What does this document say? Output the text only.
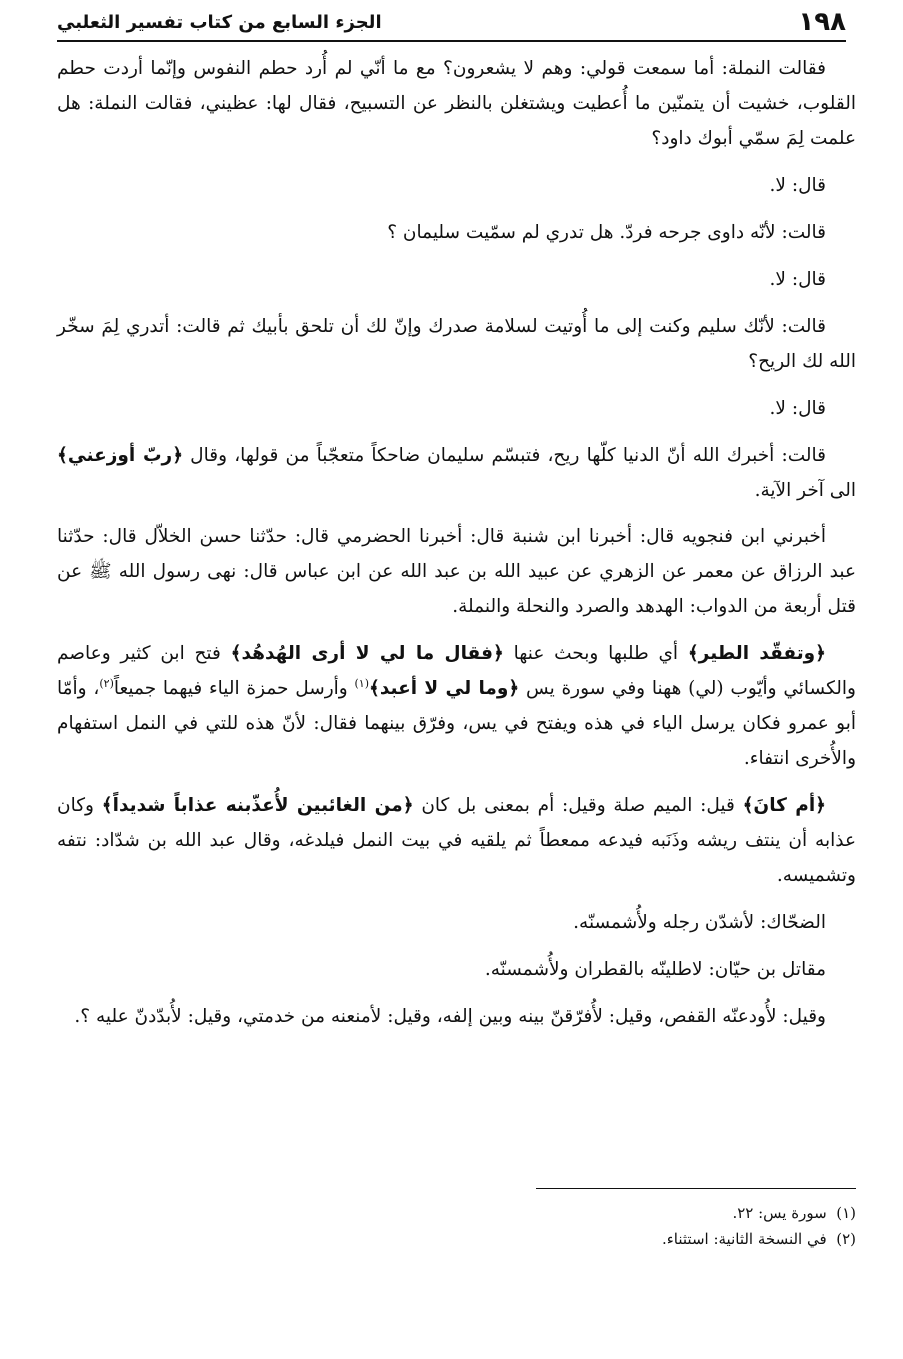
١٩٨
الجزء السابع من كتاب تفسير الثعلبي

فقالت النملة: أما سمعت قولي: وهم لا يشعرون؟ مع ما أنّي لم أُرد حطم النفوس وإنّما أردت حطم القلوب، خشيت أن يتمنّين ما أُعطيت ويشتغلن بالنظر عن التسبيح، فقال لها: عظيني، فقالت النملة: هل علمت لِمَ سمّي أبوك داود؟

قال: لا.

قالت: لأنّه داوى جرحه فردّ. هل تدري لم سمّيت سليمان ؟

قال: لا.

قالت: لأنّك سليم وكنت إلى ما أُوتيت لسلامة صدرك وإنّ لك أن تلحق بأبيك ثم قالت: أتدري لِمَ سخّر الله لك الريح؟

قال: لا.

قالت: أخبرك الله أنّ الدنيا كلّها ريح، فتبسّم سليمان ضاحكاً متعجّباً من قولها، وقال ﴿ربّ أوزعني﴾ الى آخر الآية.

أخبرني ابن فنجويه قال: أخبرنا ابن شنبة قال: أخبرنا الحضرمي قال: حدّثنا حسن الخلاّل قال: حدّثنا عبد الرزاق عن معمر عن الزهري عن عبيد الله بن عبد الله عن ابن عباس قال: نهى رسول الله ﷺ عن قتل أربعة من الدواب: الهدهد والصرد والنحلة والنملة.

﴿وتفقّد الطير﴾ أي طلبها وبحث عنها ﴿فقال ما لي لا أرى الهُدهُد﴾ فتح ابن كثير وعاصم والكسائي وأيّوب (لي) ههنا وفي سورة يس ﴿وما لي لا أعبد﴾$^{(١)}$ وأرسل حمزة الياء فيهما جميعاً$^{(٢)}$، وأمّا أبو عمرو فكان يرسل الياء في هذه ويفتح في يس، وفرّق بينهما فقال: لأنّ هذه للتي في النمل استفهام والأُخرى انتفاء.

﴿أم كانَ﴾ قيل: الميم صلة وقيل: أم بمعنى بل كان ﴿من الغائبين لأُعذّبنه عذاباً شديداً﴾ وكان عذابه أن ينتف ريشه وذَنَبه فيدعه ممعطاً ثم يلقيه في بيت النمل فيلدغه، وقال عبد الله بن شدّاد: نتفه وتشميسه.

الضحّاك: لأشدّن رجله ولأُشمسنّه.

مقاتل بن حيّان: لاطلينّه بالقطران ولأُشمسنّه.

وقيل: لأُودعنّه القفص، وقيل: لأُفرّقنّ بينه وبين إلفه، وقيل: لأمنعنه من خدمتي، وقيل: لأُبدّدنّ عليه ؟.

(١)  سورة يس: ٢٢.
(٢)  في النسخة الثانية: استثناء.
